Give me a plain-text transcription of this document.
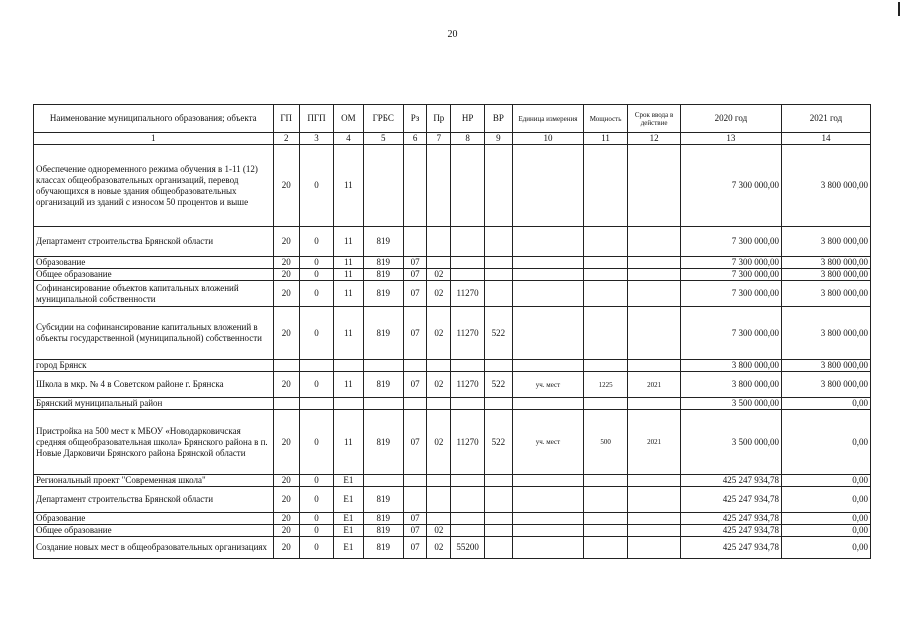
20
Наименование муниципального образования; объекта	ГП	ПГП	ОМ	ГРБС	Рз	Пр	НР	ВР	Единица измерения	Мощность	Срок ввода в действие	2020 год	2021 год
1	2	3	4	5	6	7	8	9	10	11	12	13	14
Обеспечение одноременного режима обучения в 1-11 (12) классах общеобразовательных организаций, перевод обучающихся в новые здания общеобразовательных организаций из зданий с износом 50 процентов и выше	20	0	11									7 300 000,00	3 800 000,00
Департамент строительства Брянской области	20	0	11	819								7 300 000,00	3 800 000,00
Образование	20	0	11	819	07							7 300 000,00	3 800 000,00
Общее образование	20	0	11	819	07	02						7 300 000,00	3 800 000,00
Софинансирование объектов капитальных вложений муниципальной собственности	20	0	11	819	07	02	11270					7 300 000,00	3 800 000,00
Субсидии на софинансирование капитальных вложений в объекты государственной (муниципальной) собственности	20	0	11	819	07	02	11270	522				7 300 000,00	3 800 000,00
город Брянск												3 800 000,00	3 800 000,00
Школа в мкр. № 4 в Советском районе г. Брянска	20	0	11	819	07	02	11270	522	уч. мест	1225	2021	3 800 000,00	3 800 000,00
Брянский муниципальный район												3 500 000,00	0,00
Пристройка на 500 мест к МБОУ «Новодарковичская средняя общеобразовательная школа» Брянского района в п. Новые Дарковичи Брянского района Брянской области	20	0	11	819	07	02	11270	522	уч. мест	500	2021	3 500 000,00	0,00
Региональный проект "Современная школа"	20	0	E1									425 247 934,78	0,00
Департамент строительства Брянской области	20	0	E1	819								425 247 934,78	0,00
Образование	20	0	E1	819	07							425 247 934,78	0,00
Общее образование	20	0	E1	819	07	02						425 247 934,78	0,00
Создание новых мест в общеобразовательных организациях	20	0	E1	819	07	02	55200					425 247 934,78	0,00
